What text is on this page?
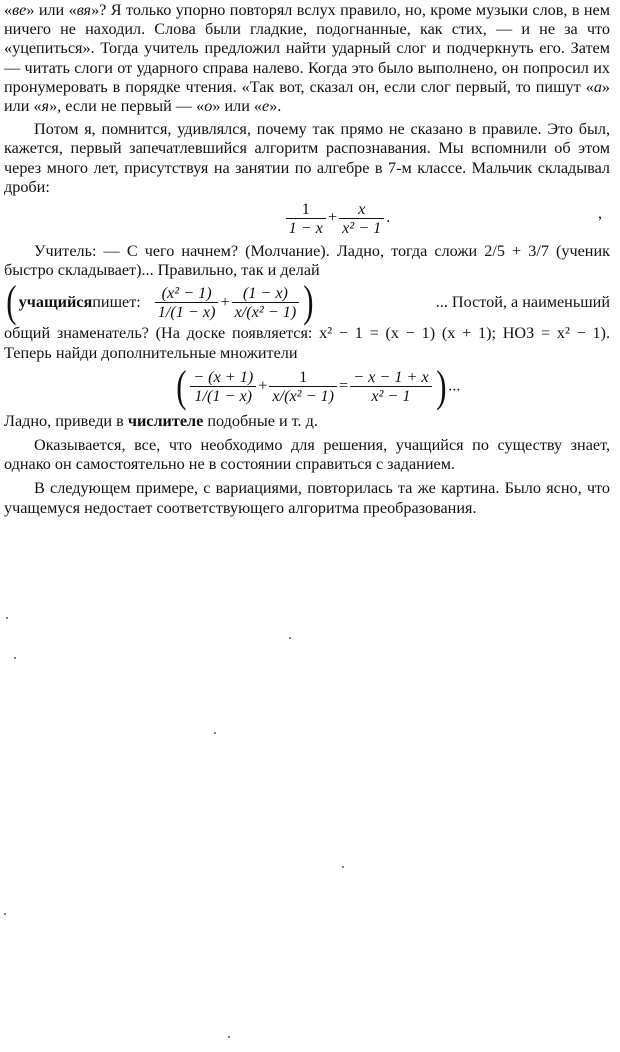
«ве» или «вя»? Я только упорно повторял вслух правило, но, кроме музыки слов, в нем ничего не находил. Слова были гладкие, подогнанные, как стих, — и не за что «уцепиться». Тогда учитель предложил найти ударный слог и подчеркнуть его. Затем — читать слоги от ударного справа налево. Когда это было выполнено, он попросил их пронумеровать в порядке чтения. «Так вот, сказал он, если слог первый, то пишут «а» или «я», если не первый — «о» или «е».

Потом я, помнится, удивлялся, почему так прямо не сказано в правиле. Это был, кажется, первый запечатлевшийся алгоритм распознавания. Мы вспомнили об этом через много лет, присутствуя на занятии по алгебре в 7-м классе. Мальчик складывал дроби:

$\frac{1}{1 - x} + \frac{x}{\text{x² − 1}}$ .	,

Учитель: — С чего начнем? (Молчание). Ладно, тогда сложи 2/5 + 3/7 (ученик быстро складывает)... Правильно, так и делай

( учащийся пишет: $\frac{\text{(x² − 1)}}{1/(1 - x)} + \frac{(1 - x)}{\text{x/(x² − 1)}}$ )	... Постой, а наименьший

общий знаменатель? (На доске появляется: x² − 1 = (x − 1) (x + 1); НОЗ = x² − 1). Теперь найди дополнительные множители

( $\frac{- (x + 1)}{1/(1 - x)} + \frac{1}{\text{x/(x² − 1)}} = \frac{- x - 1 + x}{\text{x² − 1}}$ ) ...

Ладно, приведи в числителе подобные и т. д.

Оказывается, все, что необходимо для решения, учащийся по существу знает, однако он самостоятельно не в состоянии справиться с заданием.

В следующем примере, с вариациями, повторилась та же картина. Было ясно, что учащемуся недостает соответствующего алгоритма преобразования.
